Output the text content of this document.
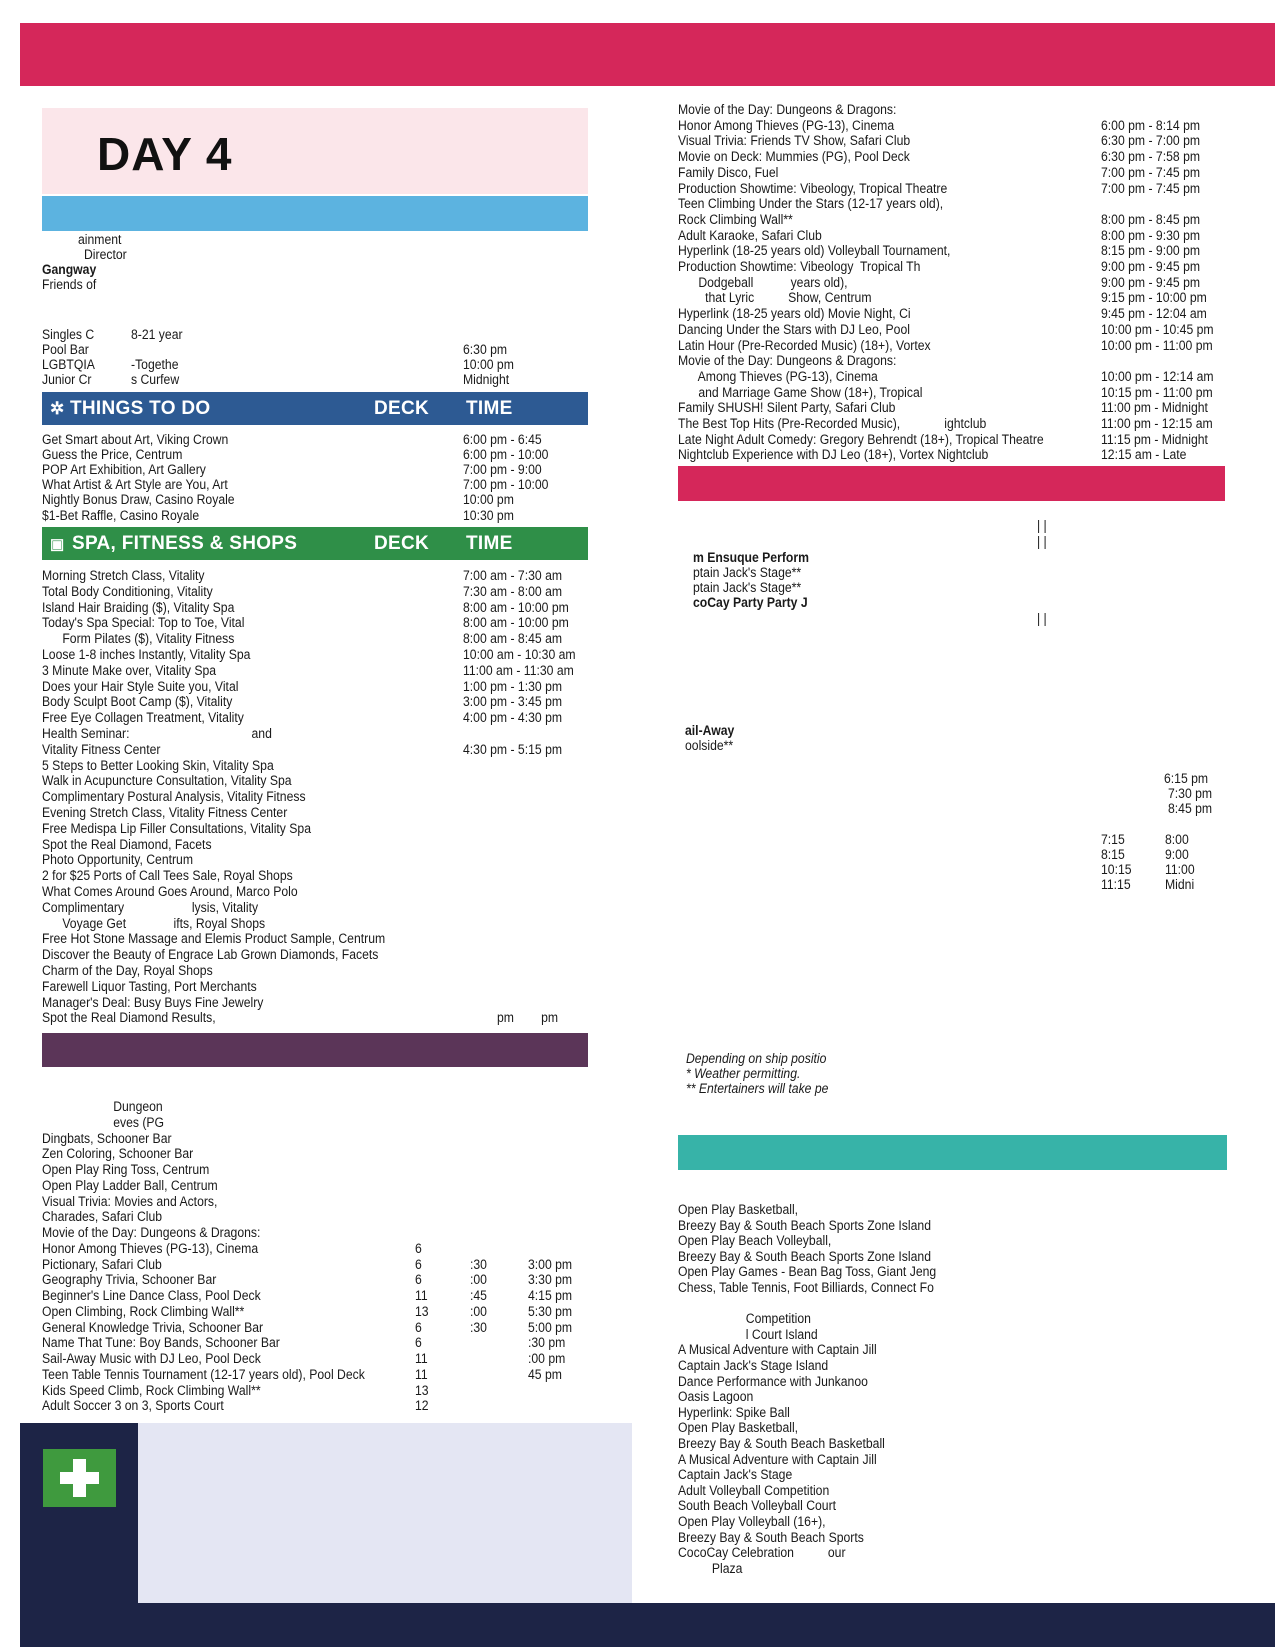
DAY 4
✲ THINGS TO DO	DECK TIME
▣ SPA, FITNESS & SHOPS	DECK TIME
ainment
Director
Gangway
Friends of
Singles C	8-21 year
Pool Bar	6:30 pm
LGBTQIA	-Togethe	10:00 pm
Junior Cr	s Curfew	Midnight
Get Smart about Art, Viking Crown	6:00 pm - 6:45
Guess the Price, Centrum	6:00 pm - 10:00
POP Art Exhibition, Art Gallery	7:00 pm - 9:00
What Artist & Art Style are You, Art	7:00 pm - 10:00
Nightly Bonus Draw, Casino Royale	10:00 pm
$1-Bet Raffle, Casino Royale	10:30 pm
Morning Stretch Class, Vitality	7:00 am - 7:30 am
Total Body Conditioning, Vitality	7:30 am - 8:00 am
Island Hair Braiding ($), Vitality Spa	8:00 am - 10:00 pm
Today's Spa Special: Top to Toe, Vital	8:00 am - 10:00 pm
Form Pilates ($), Vitality Fitness	8:00 am - 8:45 am
Loose 1-8 inches Instantly, Vitality Spa	10:00 am - 10:30 am
3 Minute Make over, Vitality Spa	11:00 am - 11:30 am
Does your Hair Style Suite you, Vital	1:00 pm - 1:30 pm
Body Sculpt Boot Camp ($), Vitality	3:00 pm - 3:45 pm
Free Eye Collagen Treatment, Vitality	4:00 pm - 4:30 pm
Health Seminar:                                    and
Vitality Fitness Center	4:30 pm - 5:15 pm
5 Steps to Better Looking Skin, Vitality Spa
Walk in Acupuncture Consultation, Vitality Spa
Complimentary Postural Analysis, Vitality Fitness
Evening Stretch Class, Vitality Fitness Center
Free Medispa Lip Filler Consultations, Vitality Spa
Spot the Real Diamond, Facets
Photo Opportunity, Centrum
2 for $25 Ports of Call Tees Sale, Royal Shops
What Comes Around Goes Around, Marco Polo
Complimentary                    lysis, Vitality
Voyage Get              ifts, Royal Shops
Free Hot Stone Massage and Elemis Product Sample, Centrum
Discover the Beauty of Engrace Lab Grown Diamonds, Facets
Charm of the Day, Royal Shops
Farewell Liquor Tasting, Port Merchants
Manager's Deal: Busy Buys Fine Jewelry
Spot the Real Diamond Results,	pm        pm
Dungeon
eves (PG
Dingbats, Schooner Bar
Zen Coloring, Schooner Bar
Open Play Ring Toss, Centrum
Open Play Ladder Ball, Centrum
Visual Trivia: Movies and Actors,
Charades, Safari Club
Movie of the Day: Dungeons & Dragons:
Honor Among Thieves (PG-13), Cinema	6
Pictionary, Safari Club	6	:30	3:00 pm
Geography Trivia, Schooner Bar	6	:00	3:30 pm
Beginner's Line Dance Class, Pool Deck	11	:45	4:15 pm
Open Climbing, Rock Climbing Wall**	13	:00	5:30 pm
General Knowledge Trivia, Schooner Bar	6	:30	5:00 pm
Name That Tune: Boy Bands, Schooner Bar	6	:30 pm
Sail-Away Music with DJ Leo, Pool Deck	11	:00 pm
Teen Table Tennis Tournament (12-17 years old), Pool Deck	11	45 pm
Kids Speed Climb, Rock Climbing Wall**	13
Adult Soccer 3 on 3, Sports Court	12
Movie of the Day: Dungeons & Dragons:
Honor Among Thieves (PG-13), Cinema	6:00 pm - 8:14 pm
Visual Trivia: Friends TV Show, Safari Club	6:30 pm - 7:00 pm
Movie on Deck: Mummies (PG), Pool Deck	6:30 pm - 7:58 pm
Family Disco, Fuel	7:00 pm - 7:45 pm
Production Showtime: Vibeology, Tropical Theatre	7:00 pm - 7:45 pm
Teen Climbing Under the Stars (12-17 years old),
Rock Climbing Wall**	8:00 pm - 8:45 pm
Adult Karaoke, Safari Club	8:00 pm - 9:30 pm
Hyperlink (18-25 years old) Volleyball Tournament,	8:15 pm - 9:00 pm
Production Showtime: Vibeology  Tropical Th	9:00 pm - 9:45 pm
Dodgeball           years old),	9:00 pm - 9:45 pm
that Lyric          Show, Centrum	9:15 pm - 10:00 pm
Hyperlink (18-25 years old) Movie Night, Ci	9:45 pm - 12:04 am
Dancing Under the Stars with DJ Leo, Pool	10:00 pm - 10:45 pm
Latin Hour (Pre-Recorded Music) (18+), Vortex	10:00 pm - 11:00 pm
Movie of the Day: Dungeons & Dragons:
Among Thieves (PG-13), Cinema	10:00 pm - 12:14 am
and Marriage Game Show (18+), Tropical	10:15 pm - 11:00 pm
Family SHUSH! Silent Party, Safari Club	11:00 pm - Midnight
The Best Top Hits (Pre-Recorded Music),             ightclub	11:00 pm - 12:15 am
Late Night Adult Comedy: Gregory Behrendt (18+), Tropical Theatre	11:15 pm - Midnight
Nightclub Experience with DJ Leo (18+), Vortex Nightclub	12:15 am - Late
| |
| |
| |
m Ensuque Perform
ptain Jack's Stage**
ptain Jack's Stage**
coCay Party Party J
ail-Away
oolside**
6:15 pm
7:30 pm
8:45 pm
7:15	8:00
8:15	9:00
10:15 11:00
11:15 Midni
Depending on ship positio
* Weather permitting.
** Entertainers will take pe
Open Play Basketball,
Breezy Bay & South Beach Sports Zone Island
Open Play Beach Volleyball,
Breezy Bay & South Beach Sports Zone Island
Open Play Games - Bean Bag Toss, Giant Jeng
Chess, Table Tennis, Foot Billiards, Connect Fo
Competition
l Court Island
A Musical Adventure with Captain Jill
Captain Jack's Stage Island
Dance Performance with Junkanoo
Oasis Lagoon
Hyperlink: Spike Ball
Open Play Basketball,
Breezy Bay & South Beach Basketball
A Musical Adventure with Captain Jill
Captain Jack's Stage
Adult Volleyball Competition
South Beach Volleyball Court
Open Play Volleyball (16+),
Breezy Bay & South Beach Sports
CocoCay Celebration          our
Plaza
